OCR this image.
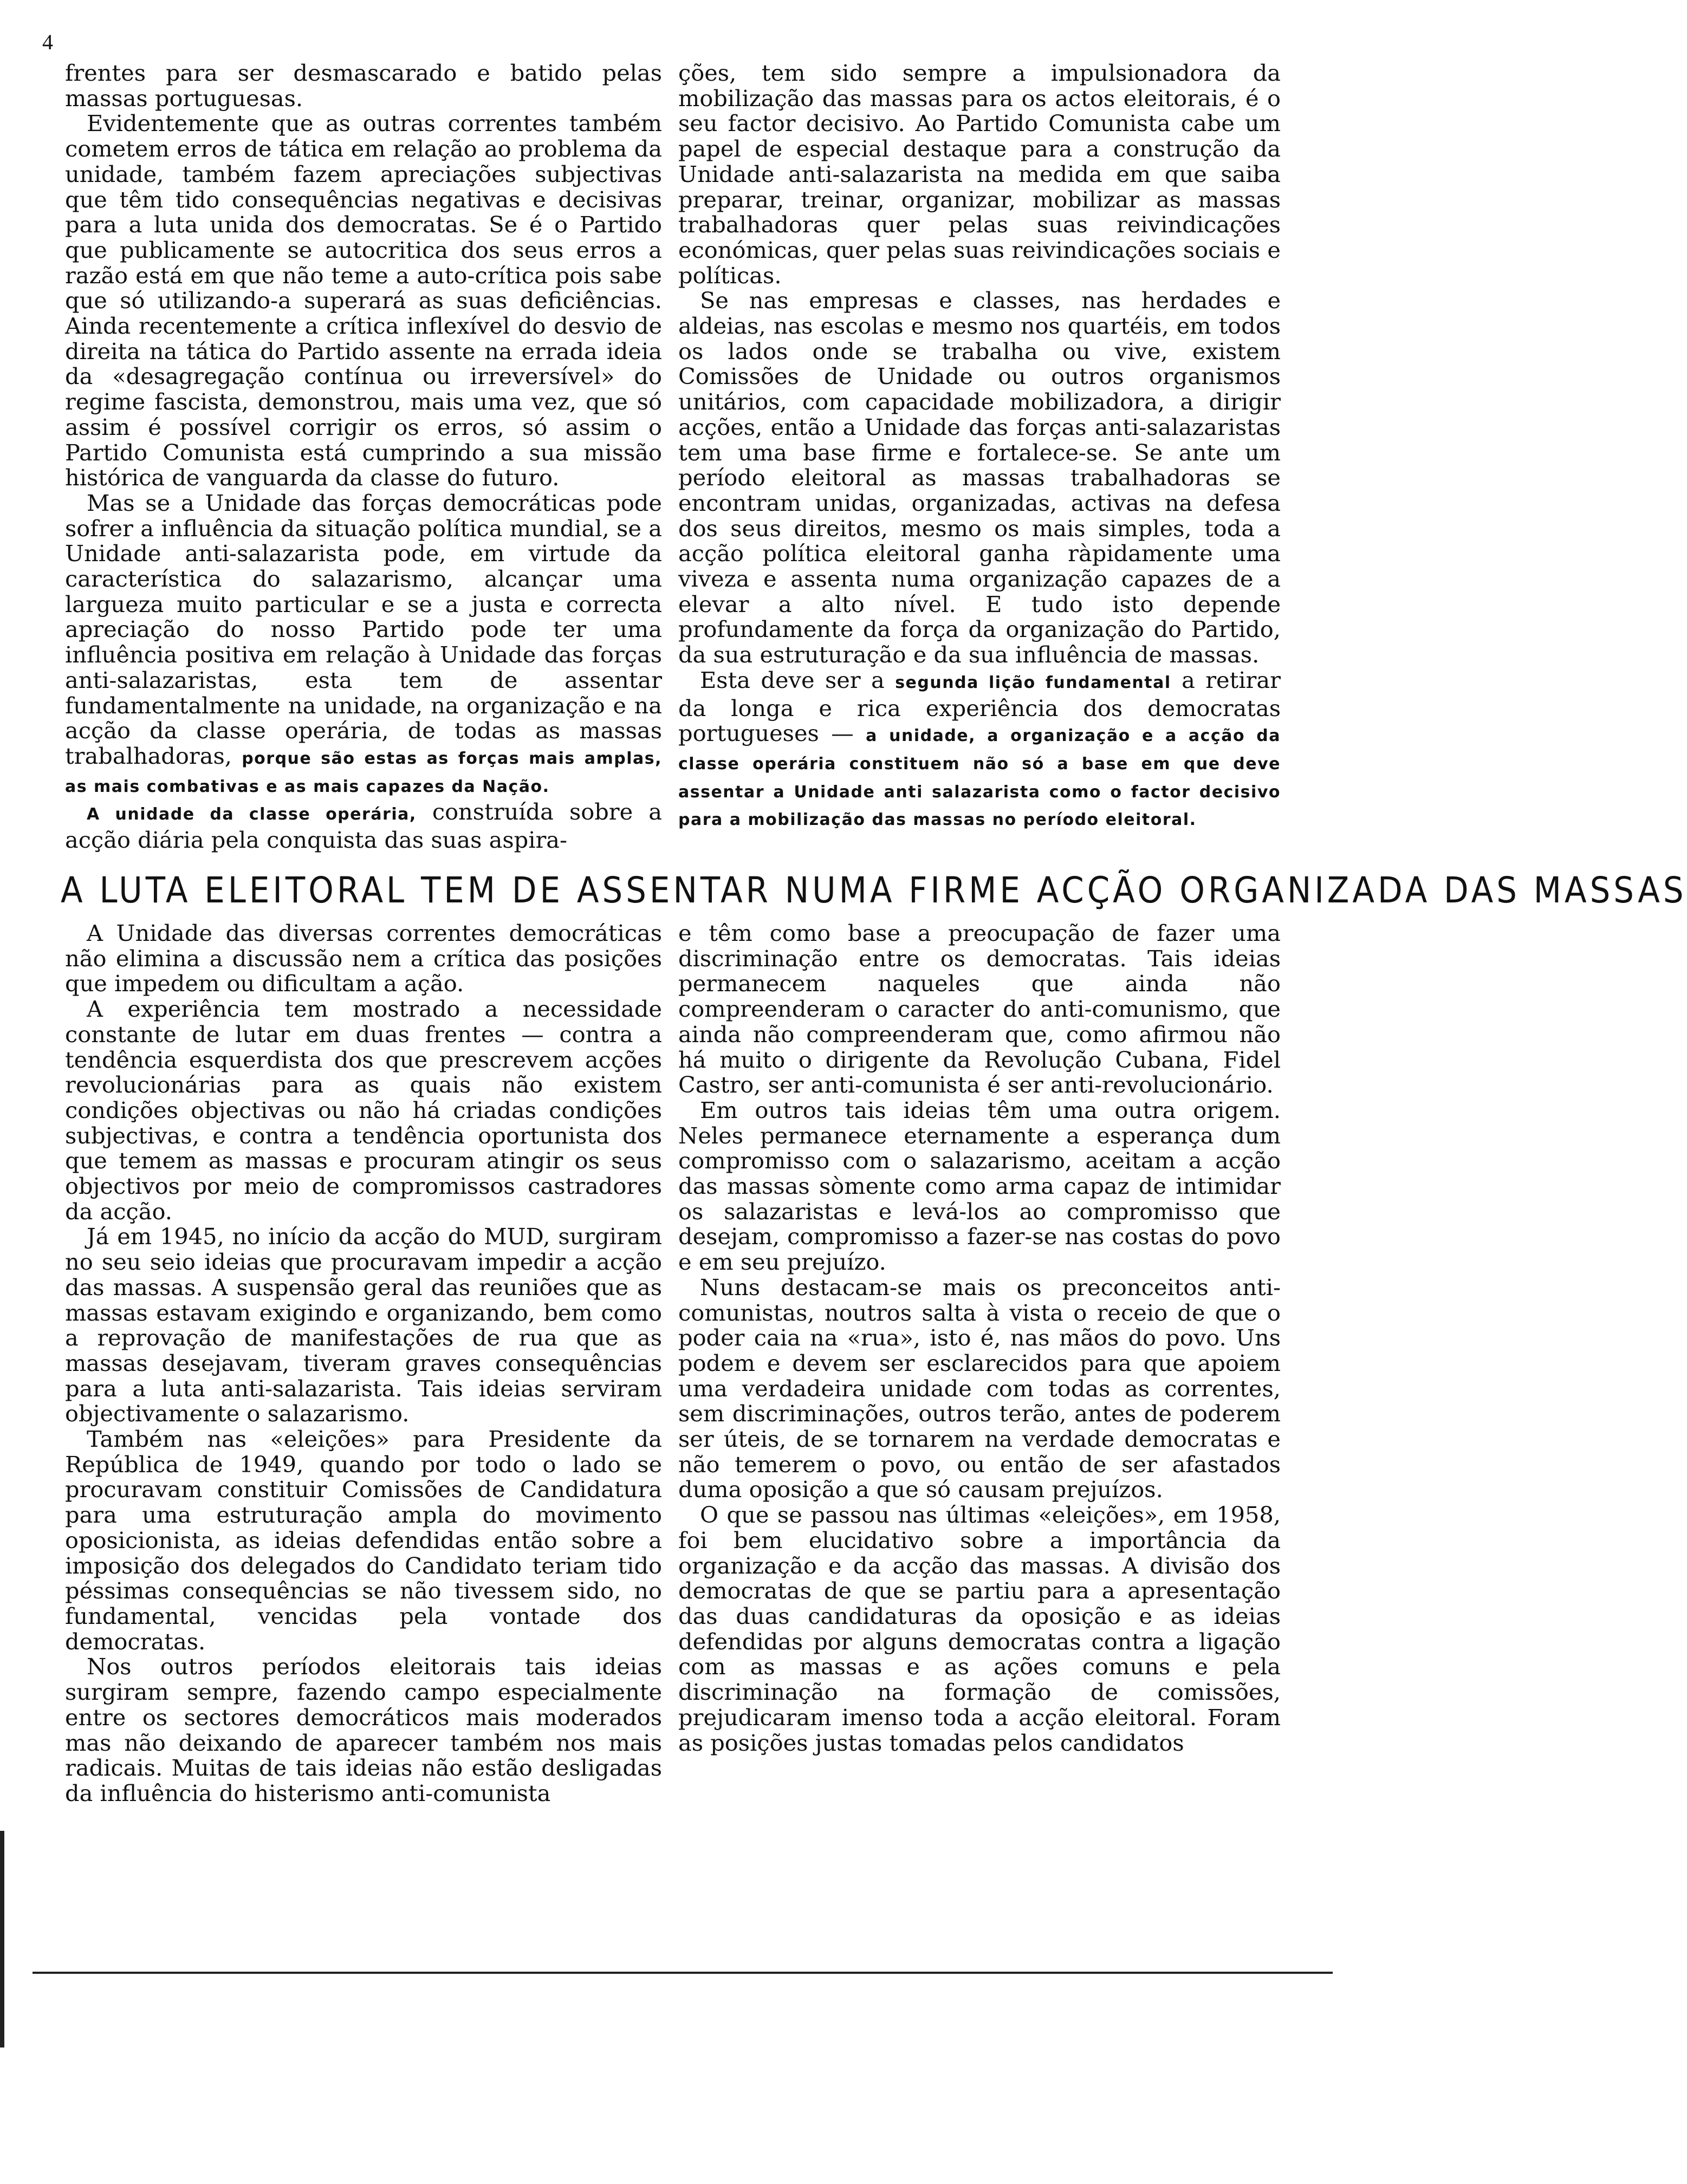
4

frentes para ser desmascarado e batido pelas massas portuguesas.

Evidentemente que as outras correntes também cometem erros de tática em relação ao problema da unidade, também fazem apreciações subjectivas que têm tido consequências negativas e decisivas para a luta unida dos democratas. Se é o Partido que publicamente se autocritica dos seus erros a razão está em que não teme a auto-crítica pois sabe que só utilizando-a superará as suas deficiências. Ainda recentemente a crítica inflexível do desvio de direita na tática do Partido assente na errada ideia da «desagregação contínua ou irreversível» do regime fascista, demonstrou, mais uma vez, que só assim é possível corrigir os erros, só assim o Partido Comunista está cumprindo a sua missão histórica de vanguarda da classe do futuro.

Mas se a Unidade das forças democráticas pode sofrer a influência da situação política mundial, se a Unidade anti-salazarista pode, em virtude da característica do salazarismo, alcançar uma largueza muito particular e se a justa e correcta apreciação do nosso Partido pode ter uma influência positiva em relação à Unidade das forças anti-salazaristas, esta tem de assentar fundamentalmente na unidade, na organização e na acção da classe operária, de todas as massas trabalhadoras, porque são estas as forças mais amplas, as mais combativas e as mais capazes da Nação.

A unidade da classe operária, construída sobre a acção diária pela conquista das suas aspira-

ções, tem sido sempre a impulsionadora da mobilização das massas para os actos eleitorais, é o seu factor decisivo. Ao Partido Comunista cabe um papel de especial destaque para a construção da Unidade anti-salazarista na medida em que saiba preparar, treinar, organizar, mobilizar as massas trabalhadoras quer pelas suas reivindicações económicas, quer pelas suas reivindicações sociais e políticas.

Se nas empresas e classes, nas herdades e aldeias, nas escolas e mesmo nos quartéis, em todos os lados onde se trabalha ou vive, existem Comissões de Unidade ou outros organismos unitários, com capacidade mobilizadora, a dirigir acções, então a Unidade das forças anti-salazaristas tem uma base firme e fortalece-se. Se ante um período eleitoral as massas trabalhadoras se encontram unidas, organizadas, activas na defesa dos seus direitos, mesmo os mais simples, toda a acção política eleitoral ganha ràpidamente uma viveza e assenta numa organização capazes de a elevar a alto nível. E tudo isto depende profundamente da força da organização do Partido, da sua estruturação e da sua influência de massas.

Esta deve ser a segunda lição fundamental a retirar da longa e rica experiência dos democratas portugueses — a unidade, a organização e a acção da classe operária constituem não só a base em que deve assentar a Unidade anti salazarista como o factor decisivo para a mobilização das massas no período eleitoral.

A LUTA ELEITORAL TEM DE ASSENTAR NUMA FIRME ACÇÃO ORGANIZADA DAS MASSAS

A Unidade das diversas correntes democráticas não elimina a discussão nem a crítica das posições que impedem ou dificultam a ação.

A experiência tem mostrado a necessidade constante de lutar em duas frentes — contra a tendência esquerdista dos que prescrevem acções revolucionárias para as quais não existem condições objectivas ou não há criadas condições subjectivas, e contra a tendência oportunista dos que temem as massas e procuram atingir os seus objectivos por meio de compromissos castradores da acção.

Já em 1945, no início da acção do MUD, surgiram no seu seio ideias que procuravam impedir a acção das massas. A suspensão geral das reuniões que as massas estavam exigindo e organizando, bem como a reprovação de manifestações de rua que as massas desejavam, tiveram graves consequências para a luta anti-salazarista. Tais ideias serviram objectivamente o salazarismo.

Também nas «eleições» para Presidente da República de 1949, quando por todo o lado se procuravam constituir Comissões de Candidatura para uma estruturação ampla do movimento oposicionista, as ideias defendidas então sobre a imposição dos delegados do Candidato teriam tido péssimas consequências se não tivessem sido, no fundamental, vencidas pela vontade dos democratas.

Nos outros períodos eleitorais tais ideias surgiram sempre, fazendo campo especialmente entre os sectores democráticos mais moderados mas não deixando de aparecer também nos mais radicais. Muitas de tais ideias não estão desligadas da influência do histerismo anti-comunista

e têm como base a preocupação de fazer uma discriminação entre os democratas. Tais ideias permanecem naqueles que ainda não compreenderam o caracter do anti-comunismo, que ainda não compreenderam que, como afirmou não há muito o dirigente da Revolução Cubana, Fidel Castro, ser anti-comunista é ser anti-revolucionário.

Em outros tais ideias têm uma outra origem. Neles permanece eternamente a esperança dum compromisso com o salazarismo, aceitam a acção das massas sòmente como arma capaz de intimidar os salazaristas e levá-los ao compromisso que desejam, compromisso a fazer-se nas costas do povo e em seu prejuízo.

Nuns destacam-se mais os preconceitos anti-comunistas, noutros salta à vista o receio de que o poder caia na «rua», isto é, nas mãos do povo. Uns podem e devem ser esclarecidos para que apoiem uma verdadeira unidade com todas as correntes, sem discriminações, outros terão, antes de poderem ser úteis, de se tornarem na verdade democratas e não temerem o povo, ou então de ser afastados duma oposição a que só causam prejuízos.

O que se passou nas últimas «eleições», em 1958, foi bem elucidativo sobre a importância da organização e da acção das massas. A divisão dos democratas de que se partiu para a apresentação das duas candidaturas da oposição e as ideias defendidas por alguns democratas contra a ligação com as massas e as ações comuns e pela discriminação na formação de comissões, prejudicaram imenso toda a acção eleitoral. Foram as posições justas tomadas pelos candidatos
